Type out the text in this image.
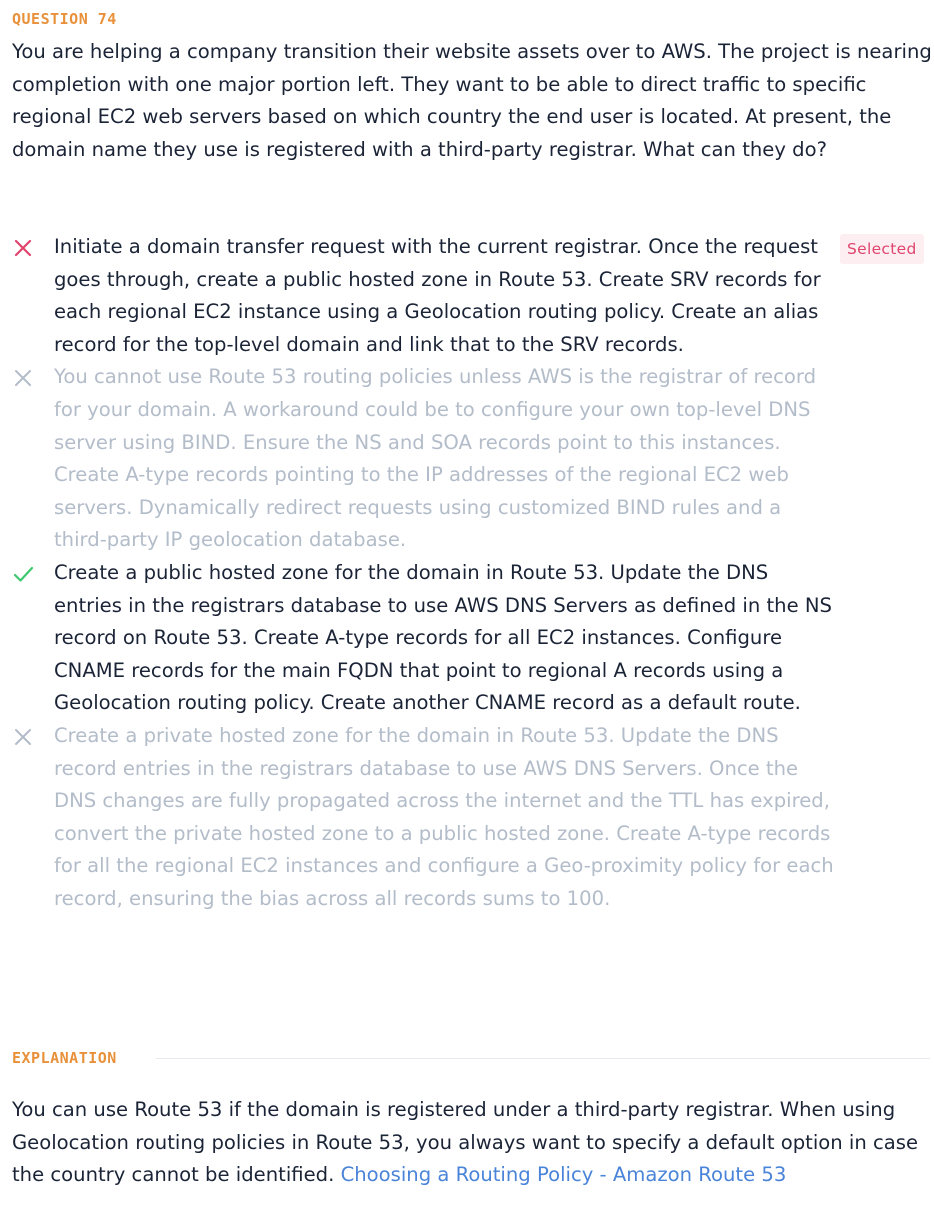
QUESTION 74

You are helping a company transition their website assets over to AWS. The project is nearing completion with one major portion left. They want to be able to direct traffic to specific regional EC2 web servers based on which country the end user is located. At present, the domain name they use is registered with a third-party registrar. What can they do?

Initiate a domain transfer request with the current registrar. Once the request goes through, create a public hosted zone in Route 53. Create SRV records for each regional EC2 instance using a Geolocation routing policy. Create an alias record for the top-level domain and link that to the SRV records.

Selected

You cannot use Route 53 routing policies unless AWS is the registrar of record for your domain. A workaround could be to configure your own top-level DNS server using BIND. Ensure the NS and SOA records point to this instances. Create A-type records pointing to the IP addresses of the regional EC2 web servers. Dynamically redirect requests using customized BIND rules and a third-party IP geolocation database.

Create a public hosted zone for the domain in Route 53. Update the DNS entries in the registrars database to use AWS DNS Servers as defined in the NS record on Route 53. Create A-type records for all EC2 instances. Configure CNAME records for the main FQDN that point to regional A records using a Geolocation routing policy. Create another CNAME record as a default route.

Create a private hosted zone for the domain in Route 53. Update the DNS record entries in the registrars database to use AWS DNS Servers. Once the DNS changes are fully propagated across the internet and the TTL has expired, convert the private hosted zone to a public hosted zone. Create A-type records for all the regional EC2 instances and configure a Geo-proximity policy for each record, ensuring the bias across all records sums to 100.

EXPLANATION

You can use Route 53 if the domain is registered under a third-party registrar. When using Geolocation routing policies in Route 53, you always want to specify a default option in case the country cannot be identified. Choosing a Routing Policy - Amazon Route 53
